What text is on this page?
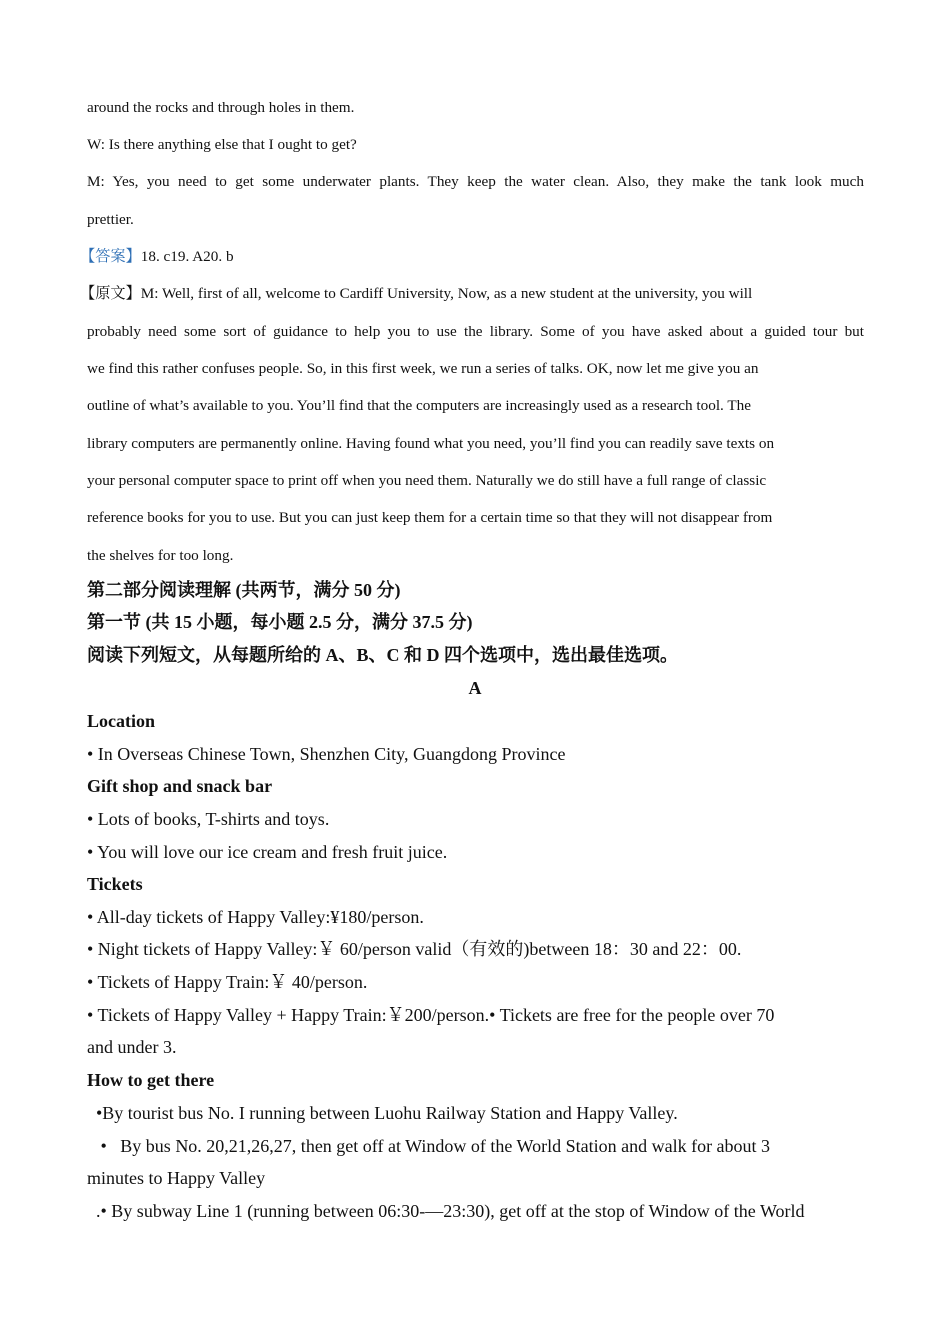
around the rocks and through holes in them.
W: Is there anything else that I ought to get?
M: Yes, you need to get some underwater plants. They keep the water clean. Also, they make the tank look much
prettier.
【答案】18. c19. A20. b
【原文】M: Well, first of all, welcome to Cardiff University, Now, as a new student at the university, you will
probably need some sort of guidance to help you to use the library. Some of you have asked about a guided tour but
we find this rather confuses people. So, in this first week, we run a series of talks. OK, now let me give you an
outline of what’s available to you. You’ll find that the computers are increasingly used as a research tool. The
library computers are permanently online. Having found what you need, you’ll find you can readily save texts on
your personal computer space to print off when you need them. Naturally we do still have a full range of classic
reference books for you to use. But you can just keep them for a certain time so that they will not disappear from
the shelves for too long.
第二部分阅读理解 (共两节，满分 50 分)
第一节 (共 15 小题，每小题 2.5 分，满分 37.5 分)
阅读下列短文，从每题所给的 A、B、C 和 D 四个选项中，选出最佳选项。
A
Location
• In Overseas Chinese Town, Shenzhen City, Guangdong Province
Gift shop and snack bar
• Lots of books, T-shirts and toys.
• You will love our ice cream and fresh fruit juice.
Tickets
• All-day tickets of Happy Valley:¥180/person.
• Night tickets of Happy Valley:￥ 60/person valid（有效的)between 18：30 and 22：00.
• Tickets of Happy Train:￥ 40/person.
• Tickets of Happy Valley + Happy Train:￥200/person.• Tickets are free for the people over 70
and under 3.
How to get there
•By tourist bus No. I running between Luohu Railway Station and Happy Valley.
•   By bus No. 20,21,26,27, then get off at Window of the World Station and walk for about 3
minutes to Happy Valley
.• By subway Line 1 (running between 06:30-—23:30), get off at the stop of Window of the World
